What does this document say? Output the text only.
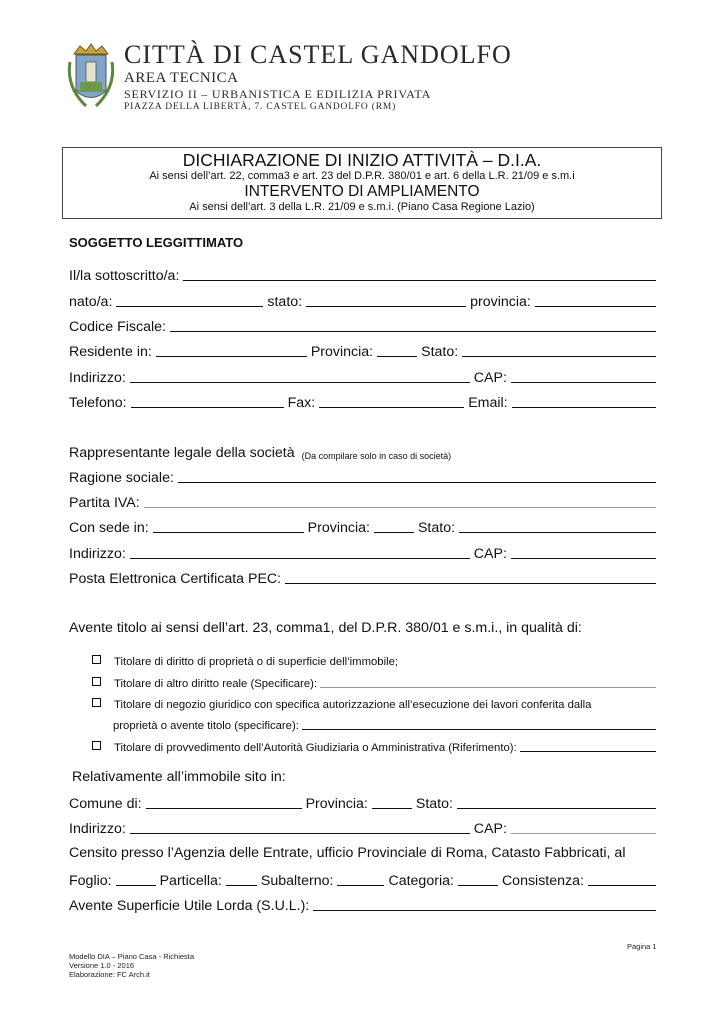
CITTÀ DI CASTEL GANDOLFO
AREA TECNICA
SERVIZIO II – URBANISTICA E EDILIZIA PRIVATA
PIAZZA DELLA LIBERTÀ, 7. CASTEL GANDOLFO (RM)
DICHIARAZIONE DI INIZIO ATTIVITÀ – D.I.A.
Ai sensi dell’art. 22, comma3 e art. 23 del D.P.R. 380/01 e art. 6 della L.R. 21/09 e s.m.i
INTERVENTO DI AMPLIAMENTO
Ai sensi dell’art. 3 della L.R. 21/09 e s.m.i. (Piano Casa Regione Lazio)
SOGGETTO LEGGITTIMATO
Il/la sottoscritto/a:
nato/a:	stato:	provincia:
Codice Fiscale:
Residente in:	Provincia:	Stato:
Indirizzo:	CAP:
Telefono:	Fax:	Email:
Rappresentante legale della società (Da compilare solo in caso di società)
Ragione sociale:
Partita IVA:
Con sede in:	Provincia:	Stato:
Indirizzo:	CAP:
Posta Elettronica Certificata PEC:
Avente titolo ai sensi dell’art. 23, comma1, del D.P.R. 380/01 e s.m.i., in qualità di:
Titolare di diritto di proprietà o di superficie dell’immobile;
Titolare di altro diritto reale (Specificare):
Titolare di negozio giuridico con specifica autorizzazione all’esecuzione dei lavori conferita dalla
proprietà o avente titolo (specificare):
Titolare di provvedimento dell’Autorità Giudiziaria o Amministrativa (Riferimento):
Relativamente all’immobile sito in:
Comune di:	Provincia:	Stato:
Indirizzo:	CAP:
Censito presso l’Agenzia delle Entrate, ufficio Provinciale di Roma, Catasto Fabbricati, al
Foglio:	Particella:	Subalterno:	Categoria:	Consistenza:
Avente Superficie Utile Lorda (S.U.L.):
Pagina 1
Modello DIA – Piano Casa - Richiesta
Versione 1.0 - 2016
Elaborazione: FC Arch.it
